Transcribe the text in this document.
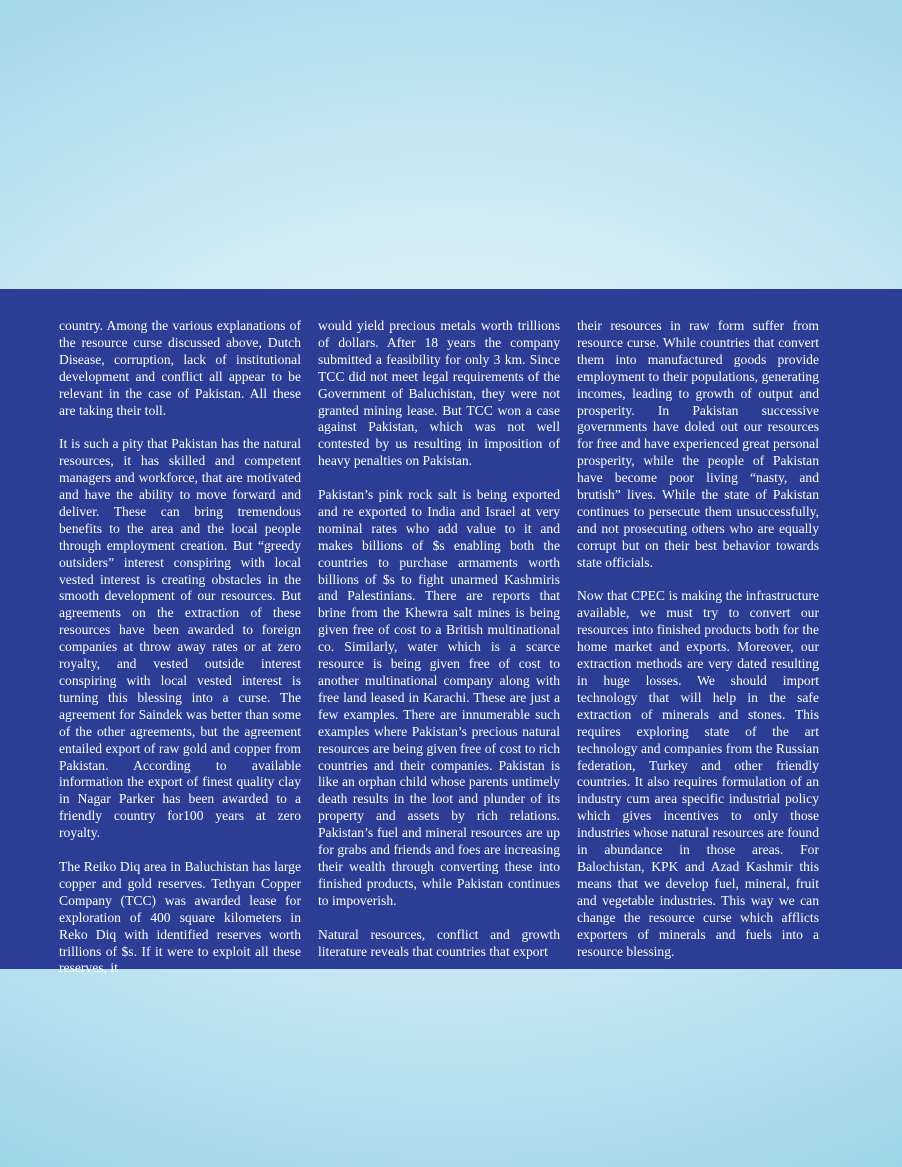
country. Among the various explanations of the resource curse discussed above, Dutch Disease, corruption, lack of institutional development and conflict all appear to be relevant in the case of Pakistan. All these are taking their toll.

It is such a pity that Pakistan has the natural resources, it has skilled and competent managers and workforce, that are motivated and have the ability to move forward and deliver. These can bring tremendous benefits to the area and the local people through employment creation. But “greedy outsiders” interest conspiring with local vested interest is creating obstacles in the smooth development of our resources. But agreements on the extraction of these resources have been awarded to foreign companies at throw away rates or at zero royalty, and vested outside interest conspiring with local vested interest is turning this blessing into a curse. The agreement for Saindek was better than some of the other agreements, but the agreement entailed export of raw gold and copper from Pakistan. According to available information the export of finest quality clay in Nagar Parker has been awarded to a friendly country for100 years at zero royalty.

The Reiko Diq area in Baluchistan has large copper and gold reserves. Tethyan Copper Company (TCC) was awarded lease for exploration of 400 square kilometers in Reko Diq with identified reserves worth trillions of $s. If it were to exploit all these reserves, it

would yield precious metals worth trillions of dollars. After 18 years the company submitted a feasibility for only 3 km. Since TCC did not meet legal requirements of the Government of Baluchistan, they were not granted mining lease. But TCC won a case against Pakistan, which was not well contested by us resulting in imposition of heavy penalties on Pakistan.

Pakistan’s pink rock salt is being exported and re exported to India and Israel at very nominal rates who add value to it and makes billions of $s enabling both the countries to purchase armaments worth billions of $s to fight unarmed Kashmiris and Palestinians. There are reports that brine from the Khewra salt mines is being given free of cost to a British multinational co. Similarly, water which is a scarce resource is being given free of cost to another multinational company along with free land leased in Karachi. These are just a few examples. There are innumerable such examples where Pakistan’s precious natural resources are being given free of cost to rich countries and their companies. Pakistan is like an orphan child whose parents untimely death results in the loot and plunder of its property and assets by rich relations. Pakistan’s fuel and mineral resources are up for grabs and friends and foes are increasing their wealth through converting these into finished products, while Pakistan continues to impoverish.

Natural resources, conflict and growth literature reveals that countries that export

their resources in raw form suffer from resource curse. While countries that convert them into manufactured goods provide employment to their populations, generating incomes, leading to growth of output and prosperity. In Pakistan successive governments have doled out our resources for free and have experienced great personal prosperity, while the people of Pakistan have become poor living “nasty, and brutish” lives. While the state of Pakistan continues to persecute them unsuccessfully, and not prosecuting others who are equally corrupt but on their best behavior towards state officials.

Now that CPEC is making the infrastructure available, we must try to convert our resources into finished products both for the home market and exports. Moreover, our extraction methods are very dated resulting in huge losses. We should import technology that will help in the safe extraction of minerals and stones. This requires exploring state of the art technology and companies from the Russian federation, Turkey and other friendly countries. It also requires formulation of an industry cum area specific industrial policy which gives incentives to only those industries whose natural resources are found in abundance in those areas. For Balochistan, KPK and Azad Kashmir this means that we develop fuel, mineral, fruit and vegetable industries. This way we can change the resource curse which afflicts exporters of minerals and fuels into a resource blessing.
